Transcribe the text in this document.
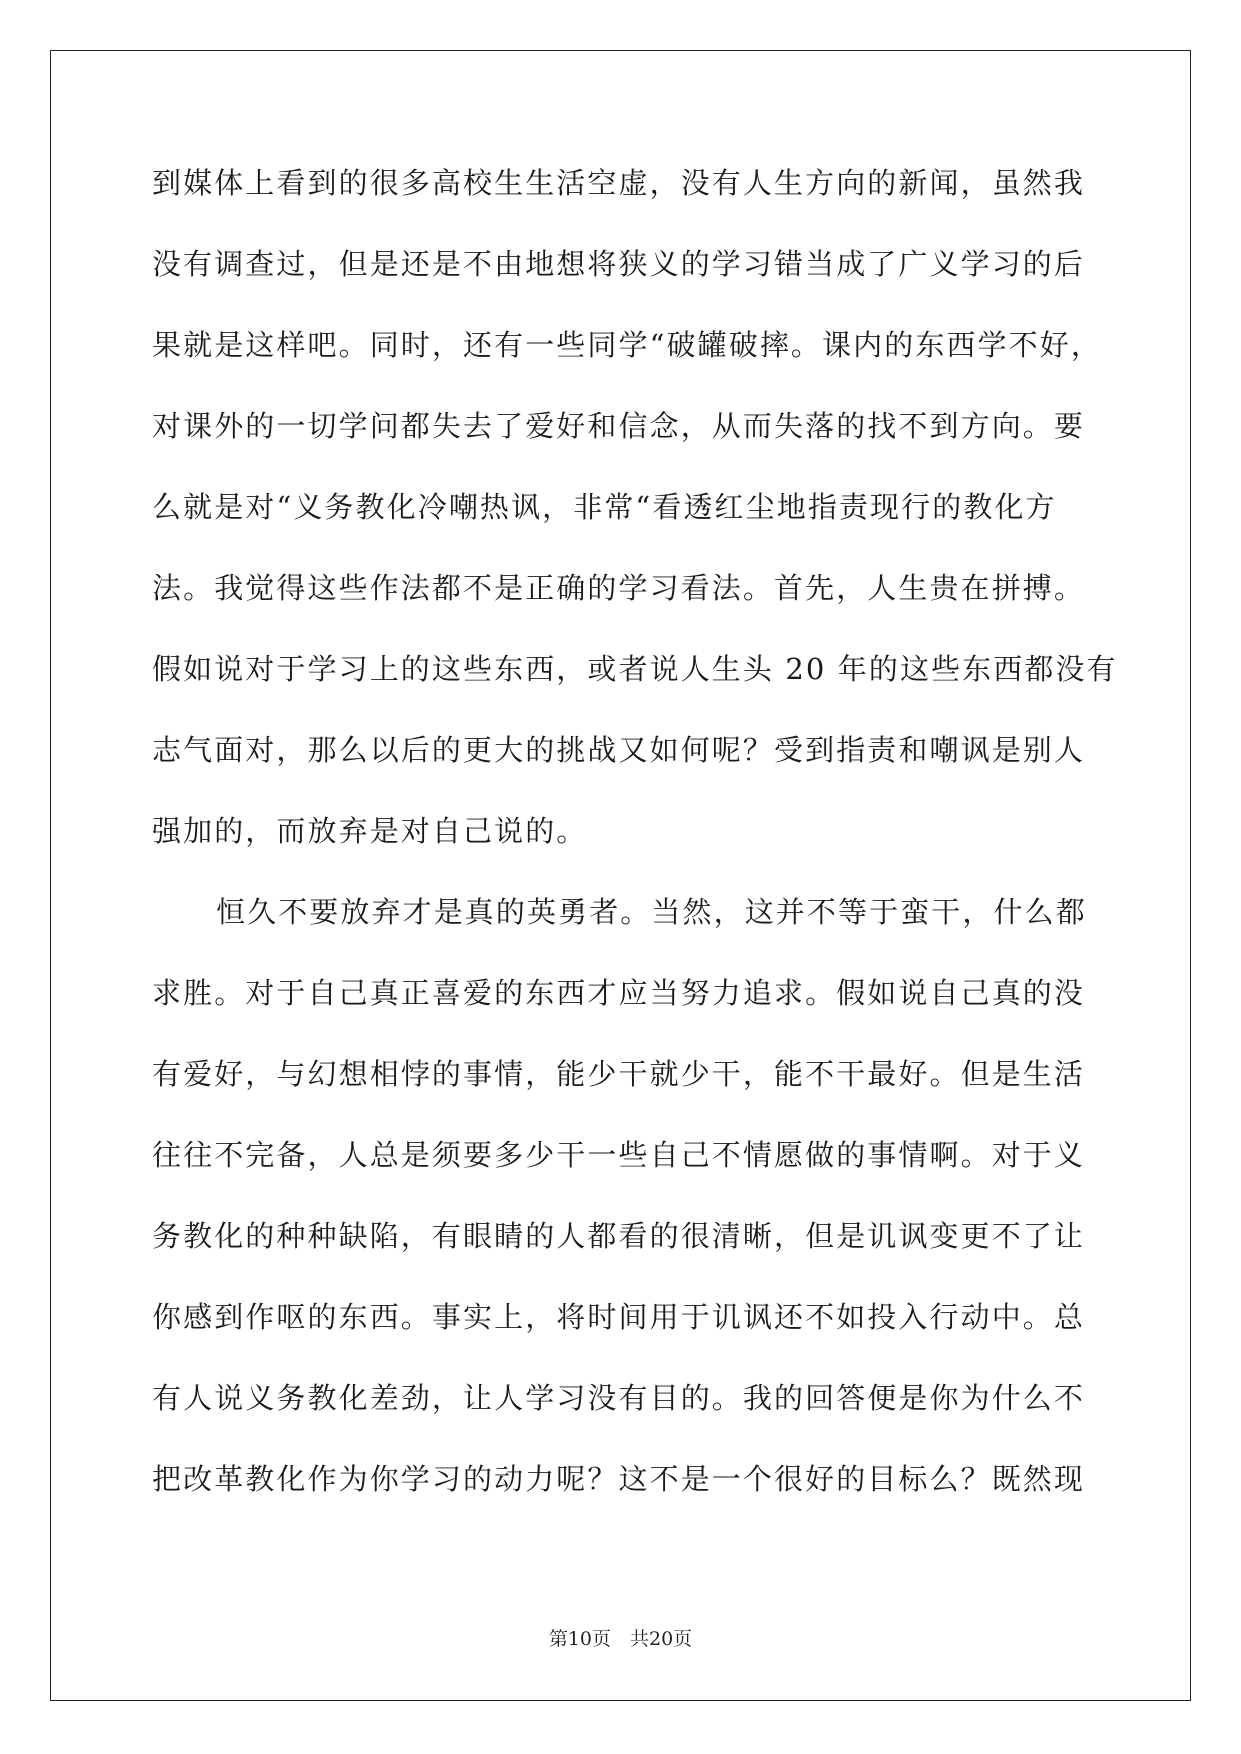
到媒体上看到的很多高校生生活空虚，没有人生方向的新闻，虽然我
没有调查过，但是还是不由地想将狭义的学习错当成了广义学习的后
果就是这样吧。同时，还有一些同学“破罐破摔。课内的东西学不好，
对课外的一切学问都失去了爱好和信念，从而失落的找不到方向。要
么就是对“义务教化冷嘲热讽，非常“看透红尘地指责现行的教化方
法。我觉得这些作法都不是正确的学习看法。首先，人生贵在拼搏。
假如说对于学习上的这些东西，或者说人生头 20 年的这些东西都没有
志气面对，那么以后的更大的挑战又如何呢？受到指责和嘲讽是别人
强加的，而放弃是对自己说的。
恒久不要放弃才是真的英勇者。当然，这并不等于蛮干，什么都
求胜。对于自己真正喜爱的东西才应当努力追求。假如说自己真的没
有爱好，与幻想相悖的事情，能少干就少干，能不干最好。但是生活
往往不完备，人总是须要多少干一些自己不情愿做的事情啊。对于义
务教化的种种缺陷，有眼睛的人都看的很清晰，但是讥讽变更不了让
你感到作呕的东西。事实上，将时间用于讥讽还不如投入行动中。总
有人说义务教化差劲，让人学习没有目的。我的回答便是你为什么不
把改革教化作为你学习的动力呢？这不是一个很好的目标么？既然现
第10页　共20页
